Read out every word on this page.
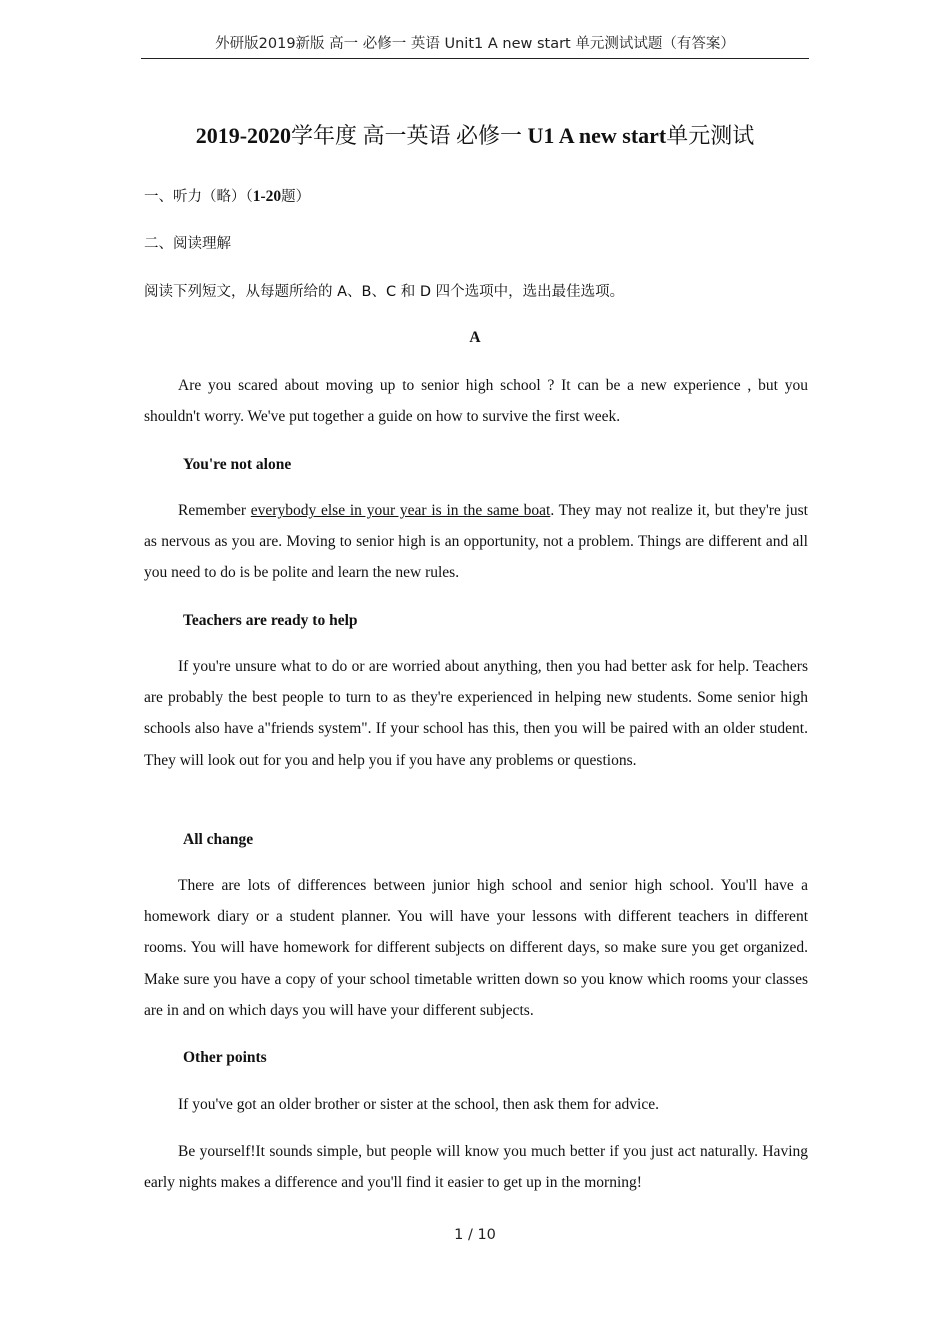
外研版2019新版 高一 必修一 英语 Unit1 A new start 单元测试试题（有答案）
2019-2020学年度 高一英语 必修一 U1 A new start单元测试
一、听力（略）（1-20题）
二、阅读理解
阅读下列短文，从每题所给的 A、B、C 和 D 四个选项中，选出最佳选项。
A
Are you scared about moving up to senior high school ? It can be a new experience , but you shouldn't worry. We've put together a guide on how to survive the first week.
You're not alone
Remember everybody else in your year is in the same boat. They may not realize it, but they're just as nervous as you are. Moving to senior high is an opportunity, not a problem. Things are different and all you need to do is be polite and learn the new rules.
Teachers are ready to help
If you're unsure what to do or are worried about anything, then you had better ask for help. Teachers are probably the best people to turn to as they're experienced in helping new students. Some senior high schools also have a"friends system". If your school has this, then you will be paired with an older student. They will look out for you and help you if you have any problems or questions.
All change
There are lots of differences between junior high school and senior high school. You'll have a homework diary or a student planner. You will have your lessons with different teachers in different rooms. You will have homework for different subjects on different days, so make sure you get organized. Make sure you have a copy of your school timetable written down so you know which rooms your classes are in and on which days you will have your different subjects.
Other points
If you've got an older brother or sister at the school, then ask them for advice.
Be yourself!It sounds simple, but people will know you much better if you just act naturally. Having early nights makes a difference and you'll find it easier to get up in the morning!
1 / 10
